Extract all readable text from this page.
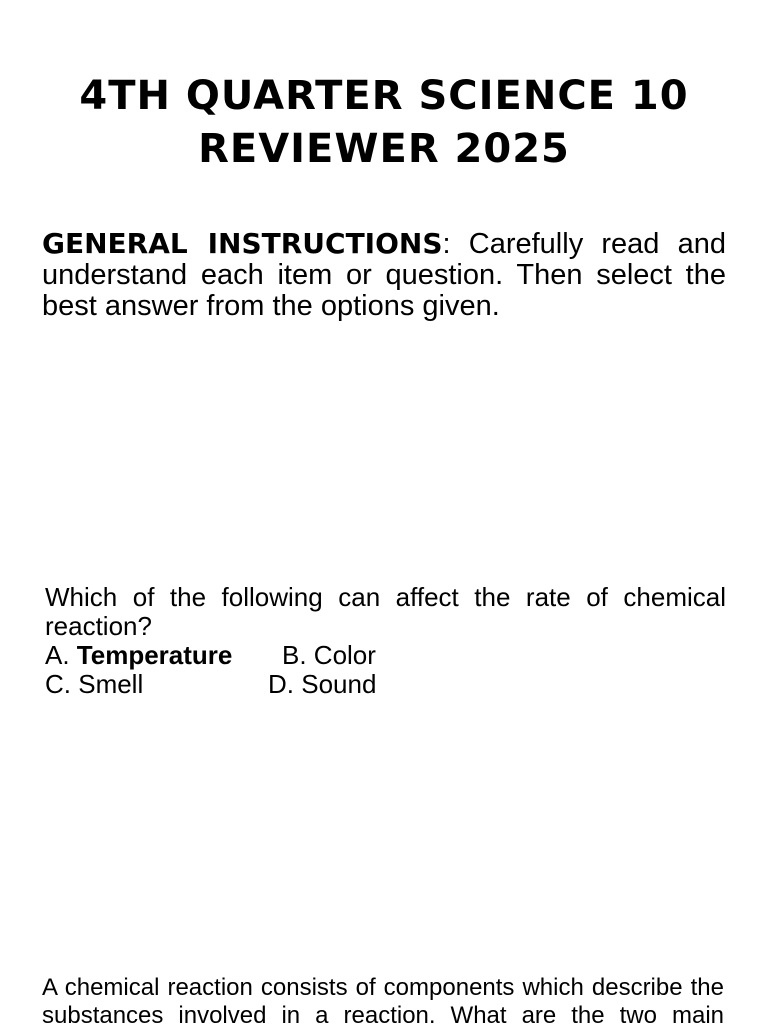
4TH QUARTER SCIENCE 10
REVIEWER 2025
GENERAL INSTRUCTIONS: Carefully read and understand each item or question. Then select the best answer from the options given.
Which of the following can affect the rate of chemical reaction?
A. Temperature B. Color
C. Smell	D. Sound
A chemical reaction consists of components which describe the substances involved in a reaction. What are the two main
